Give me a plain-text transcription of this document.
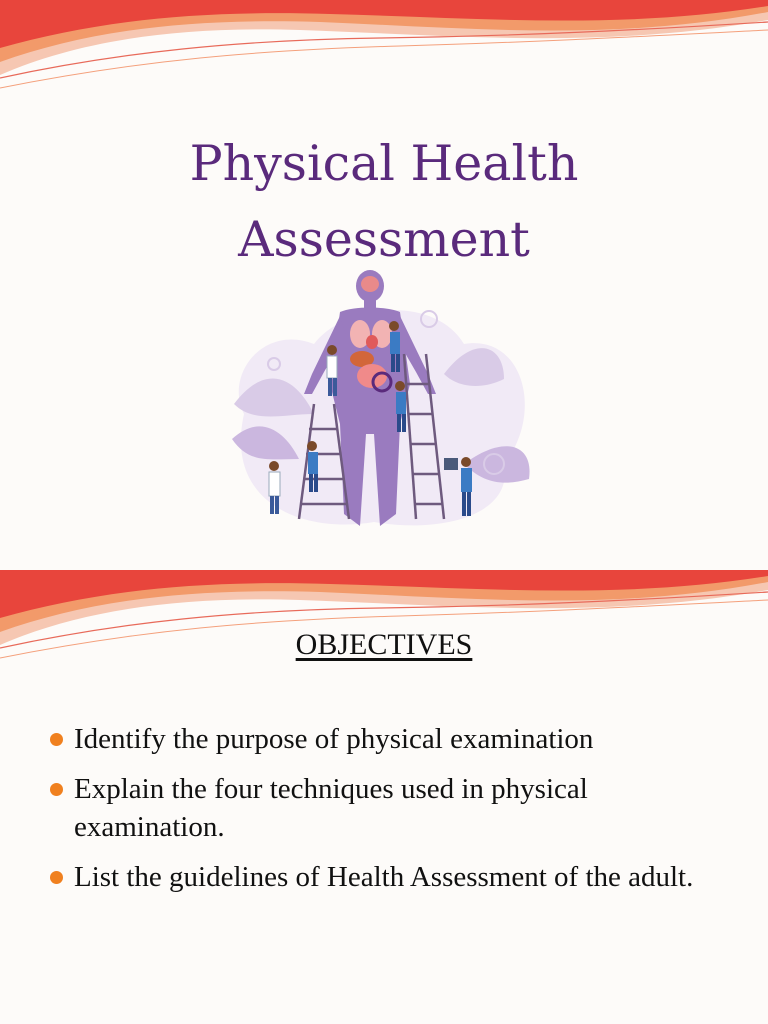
Physical Health
Assessment
OBJECTIVES
Identify the purpose of physical examination
Explain the four techniques used in physical examination.
List the guidelines of Health Assessment of the adult.
